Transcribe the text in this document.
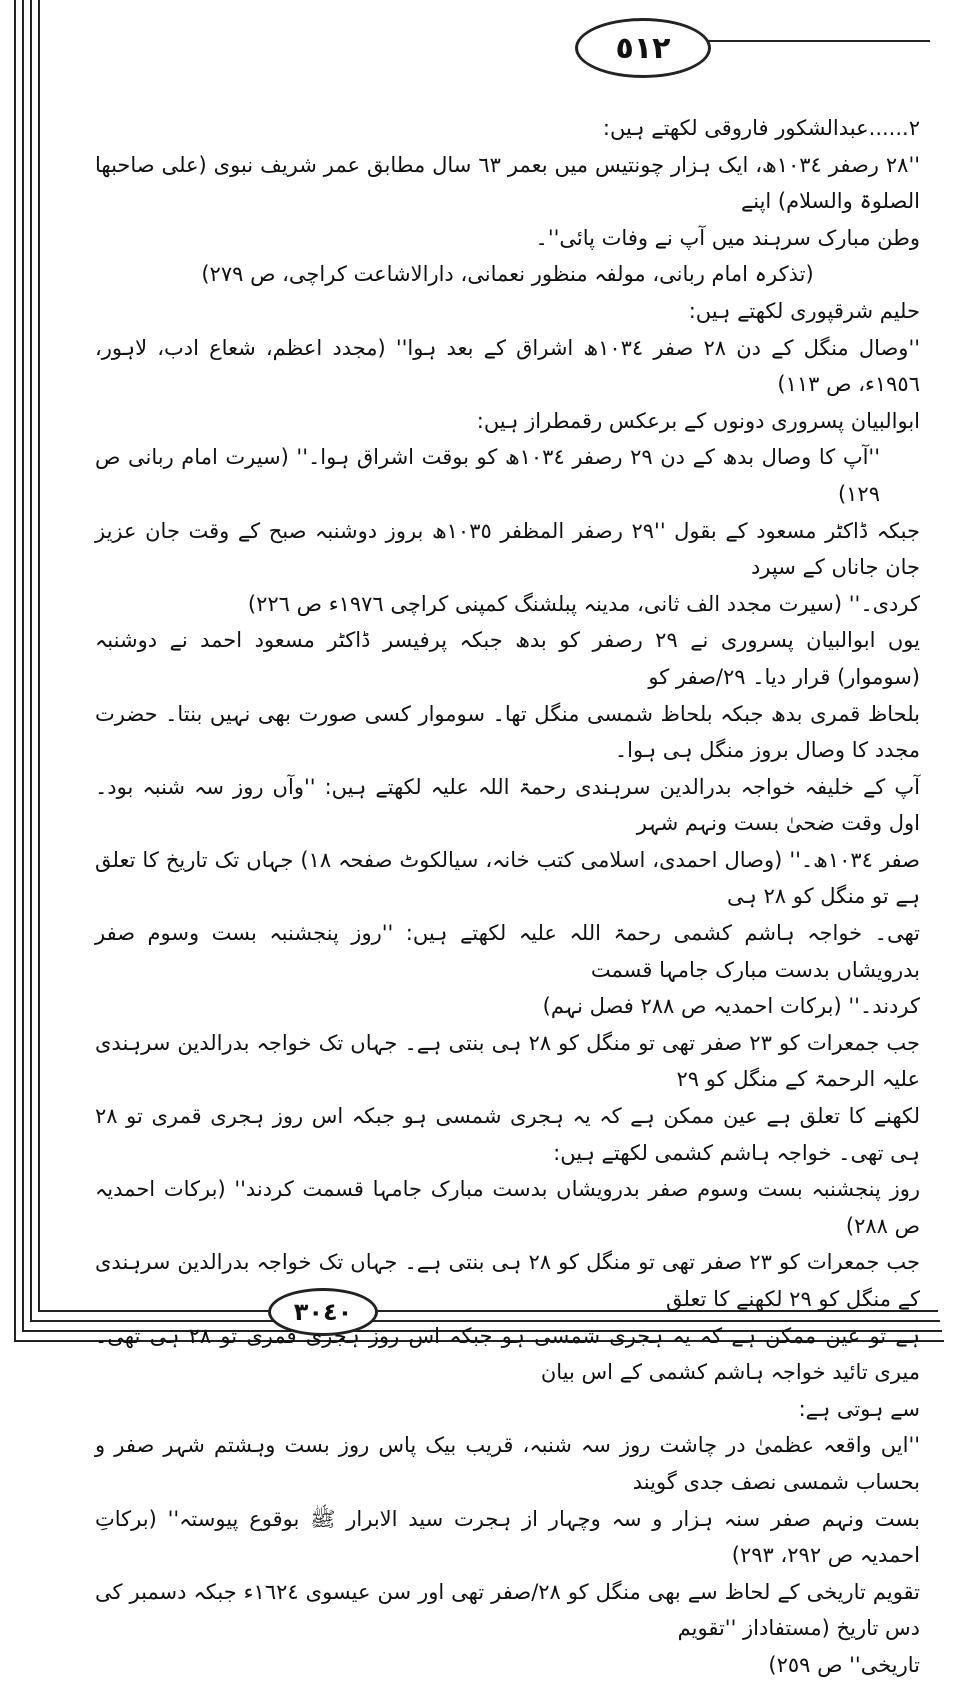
٥١٢
٣٠٤٠

٢......عبدالشکور فاروقی لکھتے ہیں:

''٢٨ رصفر ١٠٣٤ھ، ایک ہزار چونتیس میں بعمر ٦٣ سال مطابق عمر شریف نبوی (علی صاحبھا الصلوۃ والسلام) اپنے

وطن مبارک سرہند میں آپ نے وفات پائی''۔

(تذکرہ امام ربانی، مولفہ منظور نعمانی، دارالاشاعت کراچی، ص ٢٧٩)

حلیم شرقپوری لکھتے ہیں:

''وصال منگل کے دن ٢٨ صفر ١٠٣٤ھ اشراق کے بعد ہوا'' (مجدد اعظم، شعاع ادب، لاہور، ١٩٥٦ء، ص ١١٣)

ابوالبیان پسروری دونوں کے برعکس رقمطراز ہیں:

''آپ کا وصال بدھ کے دن ٢٩ رصفر ١٠٣٤ھ کو بوقت اشراق ہوا۔'' (سیرت امام ربانی ص ١٢٩)

جبکہ ڈاکٹر مسعود کے بقول ''٢٩ رصفر المظفر ١٠٣٥ھ بروز دوشنبہ صبح کے وقت جان عزیز جان جاناں کے سپرد

کردی۔'' (سیرت مجدد الف ثانی، مدینہ پبلشنگ کمپنی کراچی ١٩٧٦ء ص ٢٢٦)

یوں ابوالبیان پسروری نے ٢٩ رصفر کو بدھ جبکہ پرفیسر ڈاکٹر مسعود احمد نے دوشنبہ (سوموار) قرار دیا۔ ٢٩/صفر کو

بلحاظ قمری بدھ جبکہ بلحاظ شمسی منگل تھا۔ سوموار کسی صورت بھی نہیں بنتا۔ حضرت مجدد کا وصال بروز منگل ہی ہوا۔

آپ کے خلیفہ خواجہ بدرالدین سرہندی رحمۃ اللہ علیہ لکھتے ہیں: ''وآں روز سہ شنبہ بود۔ اول وقت ضحیٰ بست ونہم شہر

صفر ١٠٣٤ھ۔'' (وصال احمدی، اسلامی کتب خانہ، سیالکوٹ صفحہ ١٨) جہاں تک تاریخ کا تعلق ہے تو منگل کو ٢٨ ہی

تھی۔ خواجہ ہاشم کشمی رحمۃ اللہ علیہ لکھتے ہیں: ''روز پنجشنبہ بست وسوم صفر بدرویشاں بدست مبارک جامہا قسمت

کردند۔'' (برکات احمدیہ ص ٢٨٨ فصل نہم)

جب جمعرات کو ٢٣ صفر تھی تو منگل کو ٢٨ ہی بنتی ہے۔ جہاں تک خواجہ بدرالدین سرہندی علیہ الرحمۃ کے منگل کو ٢٩

لکھنے کا تعلق ہے عین ممکن ہے کہ یہ ہجری شمسی ہو جبکہ اس روز ہجری قمری تو ٢٨ ہی تھی۔ خواجہ ہاشم کشمی لکھتے ہیں:

روز پنجشنبہ بست وسوم صفر بدرویشاں بدست مبارک جامہا قسمت کردند'' (برکات احمدیہ ص ٢٨٨)

جب جمعرات کو ٢٣ صفر تھی تو منگل کو ٢٨ ہی بنتی ہے۔ جہاں تک خواجہ بدرالدین سرہندی کے منگل کو ٢٩ لکھنے کا تعلق

ہے تو عین ممکن ہے کہ یہ ہجری شمسی ہو جبکہ اس روز ہجری قمری تو ٢٨ ہی تھی۔ میری تائید خواجہ ہاشم کشمی کے اس بیان

سے ہوتی ہے:

''ایں واقعہ عظمیٰ در چاشت روز سہ شنبہ، قریب بیک پاس روز بست وہشتم شہر صفر و بحساب شمسی نصف جدی گویند

بست ونہم صفر سنہ ہزار و سہ وچہار از ہجرت سید الابرار ﷺ بوقوع پیوستہ'' (برکاتِ احمدیہ ص ٢٩٢، ٢٩٣)

تقویم تاریخی کے لحاظ سے بھی منگل کو ٢٨/صفر تھی اور سن عیسوی ١٦٢٤ء جبکہ دسمبر کی دس تاریخ (مستفاداز ''تقویم

تاریخی'' ص ٢٥٩)
